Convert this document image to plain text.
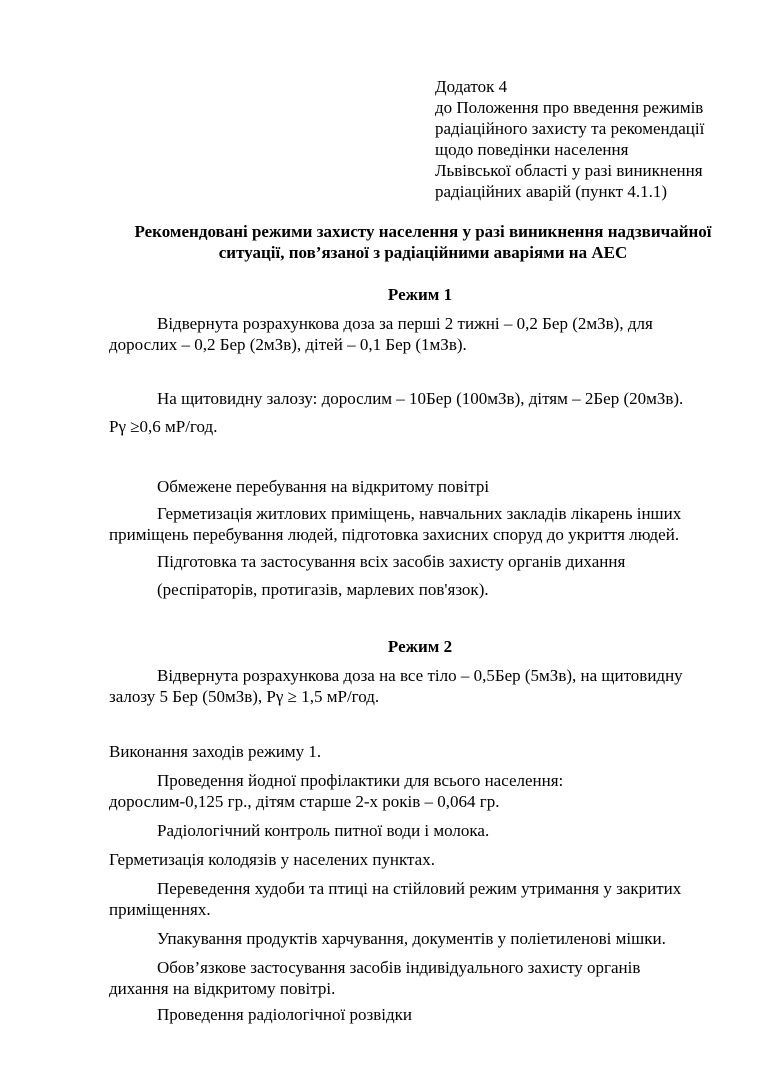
Додаток 4
до Положення про введення режимів
радіаційного захисту та рекомендації
щодо поведінки населення
Львівської області у разі виникнення
радіаційних аварій (пункт 4.1.1)
Рекомендовані режими захисту населення у разі виникнення надзвичайної
ситуації, пов’язаної з радіаційними аваріями на АЕС
Режим 1
Відвернута розрахункова доза за перші 2 тижні – 0,2 Бер (2мЗв), для
дорослих – 0,2 Бер (2мЗв), дітей – 0,1 Бер (1мЗв).
На щитовидну залозу: дорослим – 10Бер (100мЗв), дітям – 2Бер (20мЗв).
Pγ ≥0,6 мР/год.
Обмежене перебування на відкритому повітрі
Герметизація житлових приміщень, навчальних закладів лікарень інших
приміщень перебування людей, підготовка захисних споруд до укриття людей.
Підготовка та застосування всіх засобів захисту органів дихання
(респіраторів, протигазів, марлевих пов'язок).
Режим 2
Відвернута розрахункова доза на все тіло – 0,5Бер (5мЗв), на щитовидну
залозу 5 Бер (50мЗв), Pγ ≥ 1,5 мР/год.
Виконання заходів режиму 1.
Проведення йодної профілактики для всього населення:
дорослим-0,125 гр., дітям старше 2-х років – 0,064 гр.
Радіологічний контроль питної води і молока.
Герметизація колодязів у населених пунктах.
Переведення худоби та птиці на стійловий режим утримання у закритих
приміщеннях.
Упакування продуктів харчування, документів у поліетиленові мішки.
Обов’язкове застосування засобів індивідуального захисту органів
дихання на відкритому повітрі.
Проведення радіологічної розвідки
